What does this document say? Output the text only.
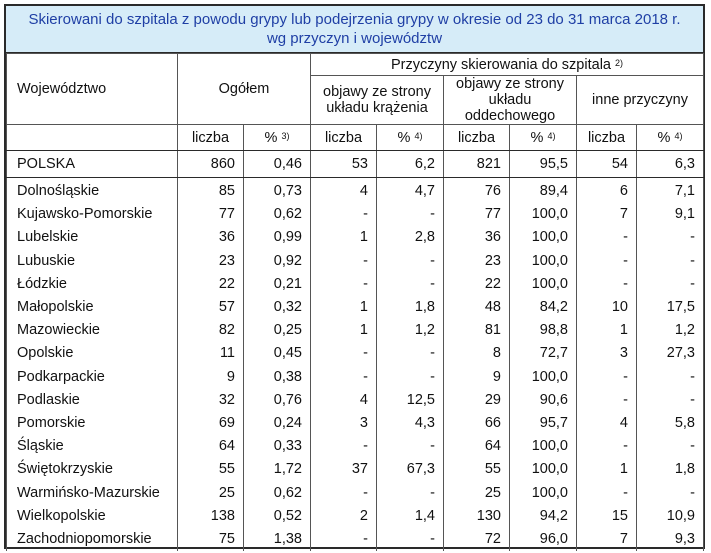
Skierowani do szpitala z powodu grypy lub podejrzenia grypy w okresie od 23 do 31 marca 2018 r.
wg przyczyn i województw
Województwo	Ogółem		Przyczyny skierowania do szpitala $^{2)}$
			objawy ze strony
układu krążenia		objawy ze strony
układu oddechowego		inne przyczyny	
	liczba	% $^{3)}$	liczba	% $^{4)}$	liczba	% $^{4)}$	liczba	% $^{4)}$
POLSKA	860	0,46	53	6,2	821	95,5	54	6,3
Dolnośląskie	85	0,73	4	4,7	76	89,4	6	7,1
Kujawsko-Pomorskie	77	0,62	-	-	77	100,0	7	9,1
Lubelskie	36	0,99	1	2,8	36	100,0	-	-
Lubuskie	23	0,92	-	-	23	100,0	-	-
Łódzkie	22	0,21	-	-	22	100,0	-	-
Małopolskie	57	0,32	1	1,8	48	84,2	10	17,5
Mazowieckie	82	0,25	1	1,2	81	98,8	1	1,2
Opolskie	11	0,45	-	-	8	72,7	3	27,3
Podkarpackie	9	0,38	-	-	9	100,0	-	-
Podlaskie	32	0,76	4	12,5	29	90,6	-	-
Pomorskie	69	0,24	3	4,3	66	95,7	4	5,8
Śląskie	64	0,33	-	-	64	100,0	-	-
Świętokrzyskie	55	1,72	37	67,3	55	100,0	1	1,8
Warmińsko-Mazurskie	25	0,62	-	-	25	100,0	-	-
Wielkopolskie	138	0,52	2	1,4	130	94,2	15	10,9
Zachodniopomorskie	75	1,38	-	-	72	96,0	7	9,3
